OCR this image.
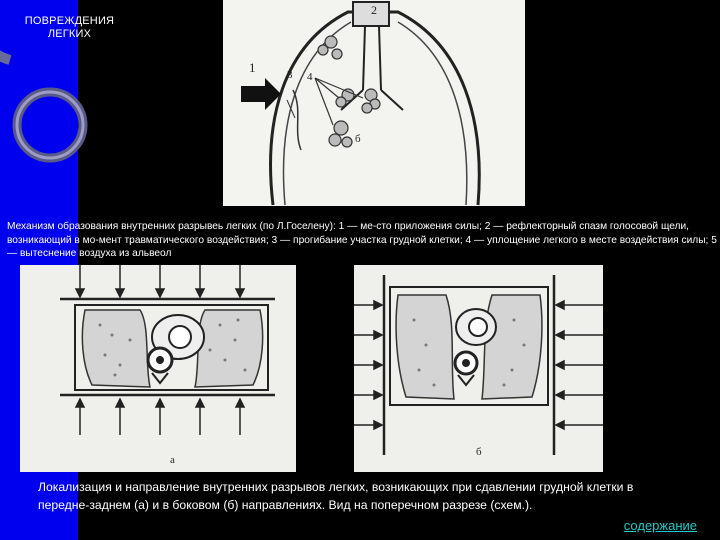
ПОВРЕЖДЕНИЯ ЛЕГКИХ
1
2
3 4
б
Механизм образования внутренних разрывеь легких (по Л.Госелену): 1 — ме-сто приложения силы; 2 — рефлекторный спазм голосовой щели, возникающий в мо-мент травматического воздействия; 3 — прогибание участка грудной клетки; 4 — уплощение легкого в месте воздействия силы; 5 — вытеснение воздуха из альвеол
а
б
Локализация и направление внутренних разрывов легких, возникающих при сдавлении грудной клетки в передне-заднем (а) и в боковом (б) направлениях. Вид на поперечном разрезе (схем.).
содержание
